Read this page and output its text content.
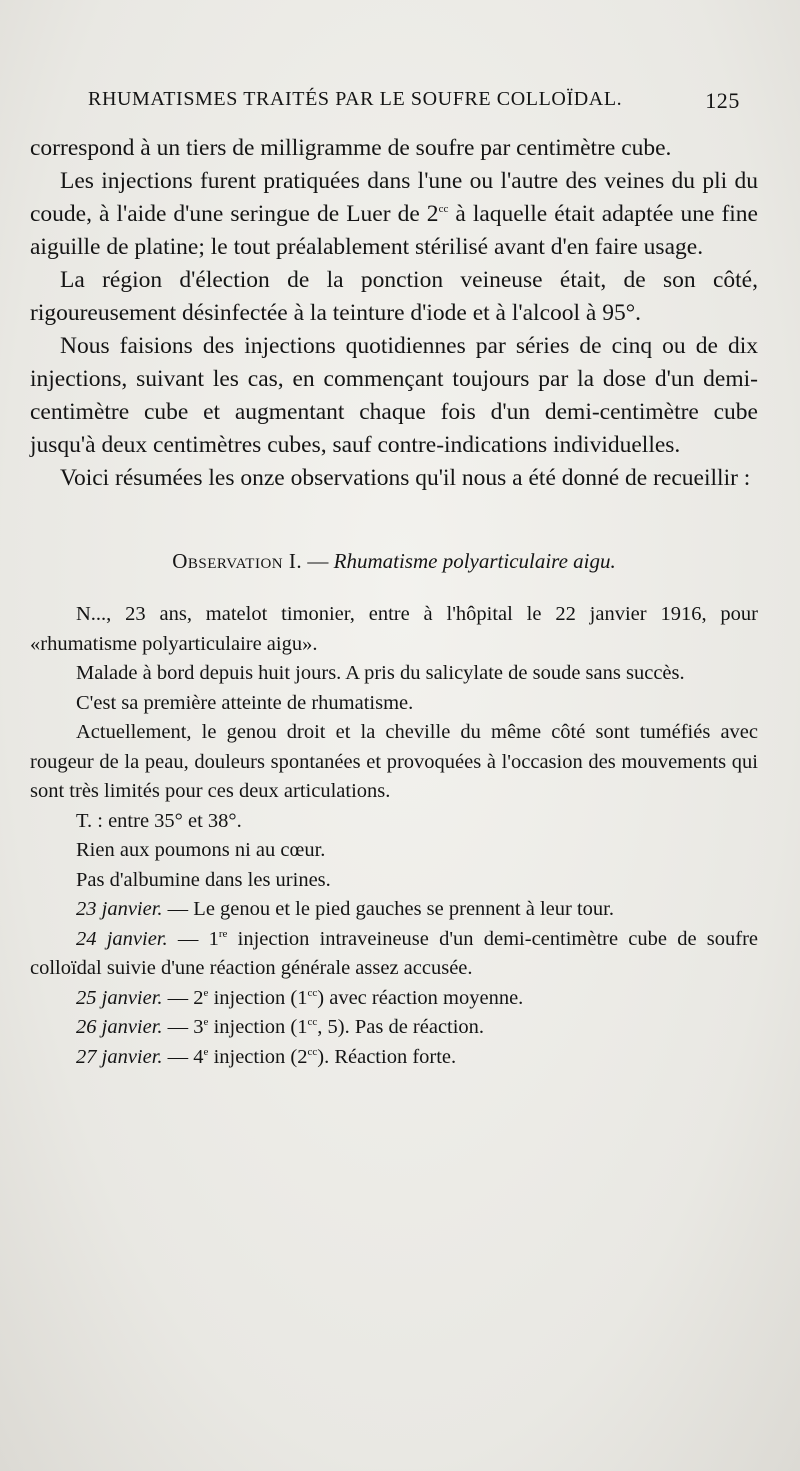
RHUMATISMES TRAITÉS PAR LE SOUFRE COLLOÏDAL.	125

correspond à un tiers de milligramme de soufre par centimètre cube.

Les injections furent pratiquées dans l'une ou l'autre des veines du pli du coude, à l'aide d'une seringue de Luer de $2^{cc}$ à laquelle était adaptée une fine aiguille de platine; le tout préalablement stérilisé avant d'en faire usage.

La région d'élection de la ponction veineuse était, de son côté, rigoureusement désinfectée à la teinture d'iode et à l'alcool à 95°.

Nous faisions des injections quotidiennes par séries de cinq ou de dix injections, suivant les cas, en commençant toujours par la dose d'un demi-centimètre cube et augmentant chaque fois d'un demi-centimètre cube jusqu'à deux centimètres cubes, sauf contre-indications individuelles.

Voici résumées les onze observations qu'il nous a été donné de recueillir :

Observation I. — Rhumatisme polyarticulaire aigu.

N..., 23 ans, matelot timonier, entre à l'hôpital le 22 janvier 1916, pour «rhumatisme polyarticulaire aigu».

Malade à bord depuis huit jours. A pris du salicylate de soude sans succès.

C'est sa première atteinte de rhumatisme.

Actuellement, le genou droit et la cheville du même côté sont tuméfiés avec rougeur de la peau, douleurs spontanées et provoquées à l'occasion des mouvements qui sont très limités pour ces deux articulations.

T. : entre 35° et 38°.

Rien aux poumons ni au cœur.

Pas d'albumine dans les urines.

23 janvier. — Le genou et le pied gauches se prennent à leur tour.

24 janvier. — 1re injection intraveineuse d'un demi-centimètre cube de soufre colloïdal suivie d'une réaction générale assez accusée.

25 janvier. — 2e injection $(1^{cc})$ avec réaction moyenne.

26 janvier. — 3e injection ($1^{cc}$, 5). Pas de réaction.

27 janvier. — 4e injection $(2^{cc})$. Réaction forte.
